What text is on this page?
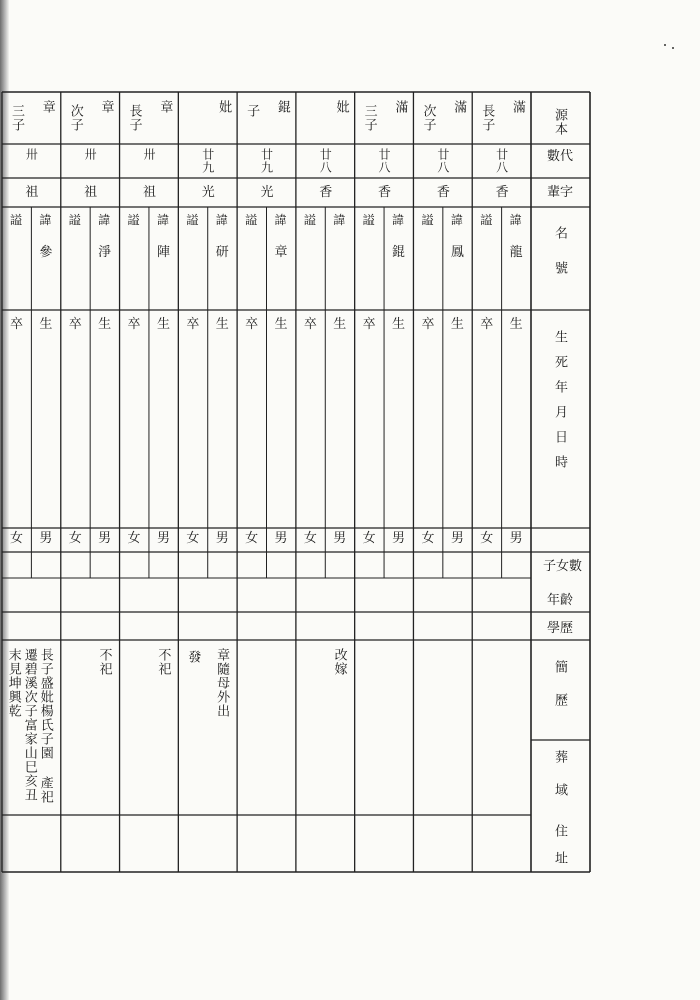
源本
數代
輩字
名號
生死年月日時
子女數
年齡
學歷
簡歷
葬域
住址
滿
長子
廿八
香
謚 諱
龍
卒 生
女 男
滿
次子
廿八
香
謚 諱
鳳
卒 生
女 男
滿
三子
廿八
香
謚 諱
錕
卒 生
女 男
妣
廿八
香
謚 諱
卒 生
女 男
改嫁
錕
子
廿九
光
謚 諱
章
卒 生
女 男
妣
廿九
光
謚 諱
研
卒 生
女 男
章隨母外出
發
章
長子
卅
祖
謚 諱
陣
卒 生
女 男
不祀
章
次子
卅
祖
謚 諱
淨
卒 生
女 男
不祀
章
三子
卅
祖
謚 諱
參
卒 生
女 男
長子盛妣楊氏子園 產祀
遷碧溪次子富家山巳亥丑
末見坤興乾
